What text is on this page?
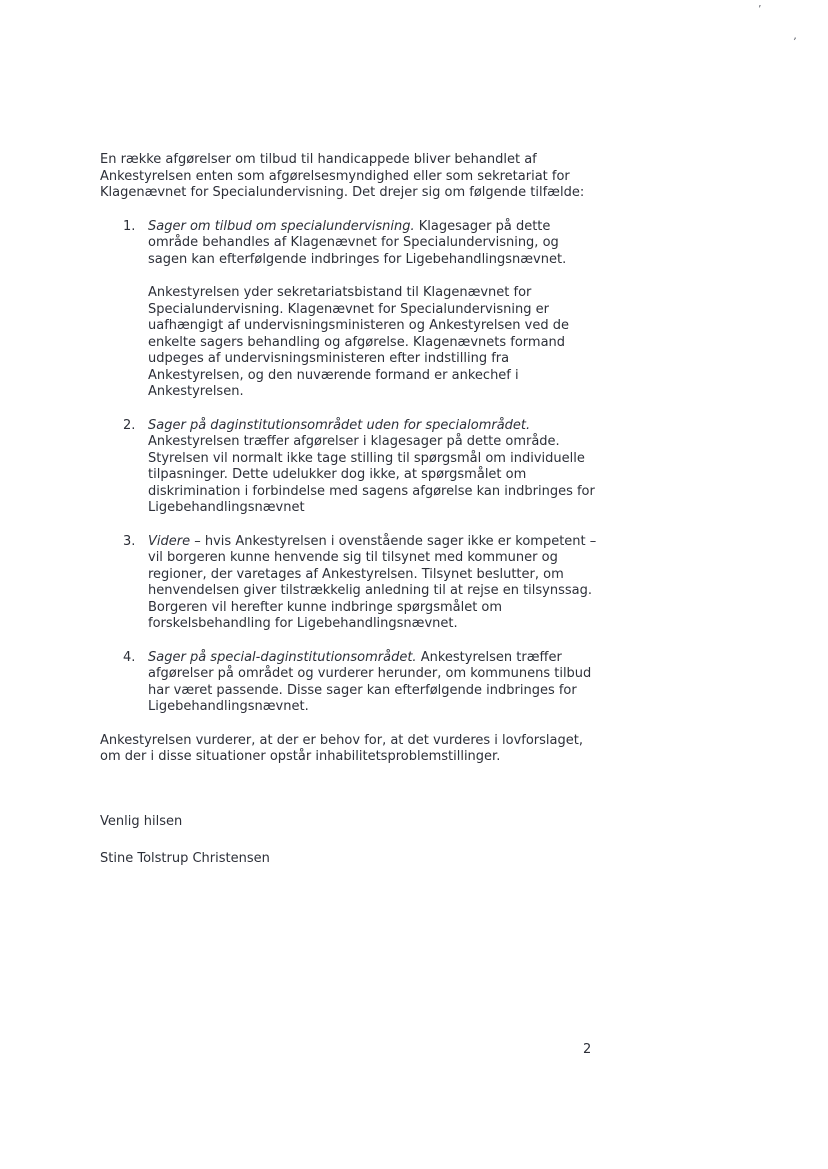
’
,

En række afgørelser om tilbud til handicappede bliver behandlet af Ankestyrelsen enten som afgørelsesmyndighed eller som sekretariat for Klagenævnet for Specialundervisning. Det drejer sig om følgende tilfælde:

1. Sager om tilbud om specialundervisning. Klagesager på dette område behandles af Klagenævnet for Specialundervisning, og sagen kan efterfølgende indbringes for Ligebehandlingsnævnet.

Ankestyrelsen yder sekretariatsbistand til Klagenævnet for Specialundervisning. Klagenævnet for Specialundervisning er uafhængigt af undervisningsministeren og Ankestyrelsen ved de enkelte sagers behandling og afgørelse. Klagenævnets formand udpeges af undervisningsministeren efter indstilling fra Ankestyrelsen, og den nuværende formand er ankechef i Ankestyrelsen.

2. Sager på daginstitutionsområdet uden for specialområdet. Ankestyrelsen træffer afgørelser i klagesager på dette område. Styrelsen vil normalt ikke tage stilling til spørgsmål om individuelle tilpasninger. Dette udelukker dog ikke, at spørgsmålet om diskrimination i forbindelse med sagens afgørelse kan indbringes for Ligebehandlingsnævnet

3. Videre – hvis Ankestyrelsen i ovenstående sager ikke er kompetent – vil borgeren kunne henvende sig til tilsynet med kommuner og regioner, der varetages af Ankestyrelsen. Tilsynet beslutter, om henvendelsen giver tilstrækkelig anledning til at rejse en tilsynssag. Borgeren vil herefter kunne indbringe spørgsmålet om forskelsbehandling for Ligebehandlingsnævnet.

4. Sager på special-daginstitutionsområdet. Ankestyrelsen træffer afgørelser på området og vurderer herunder, om kommunens tilbud har været passende. Disse sager kan efterfølgende indbringes for Ligebehandlingsnævnet.

Ankestyrelsen vurderer, at der er behov for, at det vurderes i lovforslaget, om der i disse situationer opstår inhabilitetsproblemstillinger.

Venlig hilsen

Stine Tolstrup Christensen

2
